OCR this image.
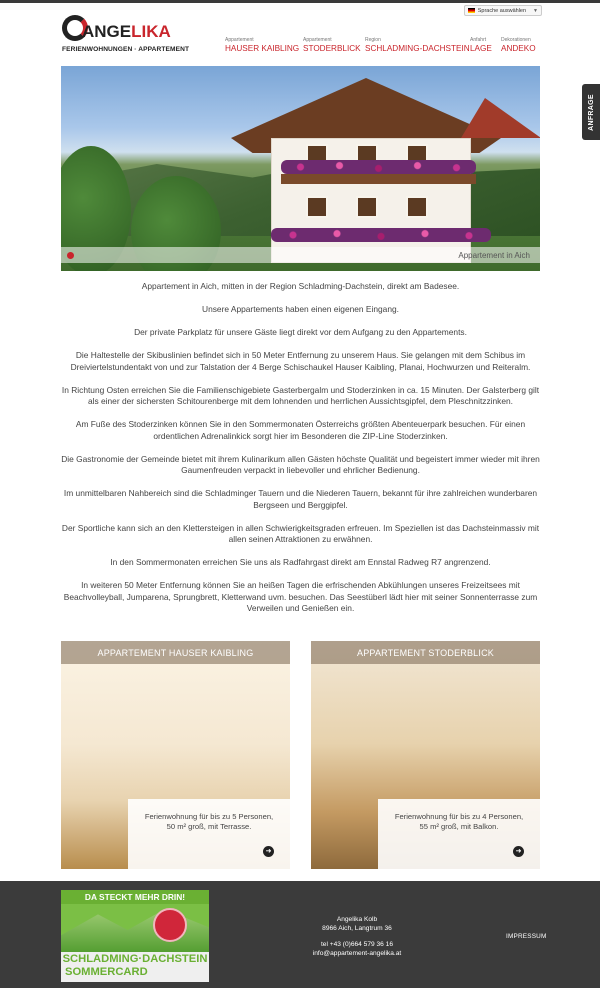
Sprache auswählen ▼
ANGELIKA
FERIENWOHNUNGEN · APPARTEMENT
Appartement
HAUSER KAIBLING
Appartement
STODERBLICK
Region
SCHLADMING-DACHSTEIN
Anfahrt
LAGE
Dekorationen
ANDEKO
Appartement in Aich
ANFRAGE

Appartement in Aich, mitten in der Region Schladming-Dachstein, direkt am Badesee.

Unsere Appartements haben einen eigenen Eingang.

Der private Parkplatz für unsere Gäste liegt direkt vor dem Aufgang zu den Appartements.

Die Haltestelle der Skibuslinien befindet sich in 50 Meter Entfernung zu unserem Haus. Sie gelangen mit dem Schibus im Dreiviertelstundentakt von und zur Talstation der 4 Berge Schischaukel Hauser Kaibling, Planai, Hochwurzen und Reiteralm.

In Richtung Osten erreichen Sie die Familienschigebiete Gasterbergalm und Stoderzinken in ca. 15 Minuten. Der Galsterberg gilt als einer der sichersten Schitourenberge mit dem lohnenden und herrlichen Aussichtsgipfel, dem Pleschnitzzinken.

Am Fuße des Stoderzinken können Sie in den Sommermonaten Österreichs größten Abenteuerpark besuchen. Für einen ordentlichen Adrenalinkick sorgt hier im Besonderen die ZIP-Line Stoderzinken.

Die Gastronomie der Gemeinde bietet mit ihrem Kulinarikum allen Gästen höchste Qualität und begeistert immer wieder mit ihren Gaumenfreuden verpackt in liebevoller und ehrlicher Bedienung.

Im unmittelbaren Nahbereich sind die Schladminger Tauern und die Niederen Tauern, bekannt für ihre zahlreichen wunderbaren Bergseen und Berggipfel.

Der Sportliche kann sich an den Klettersteigen in allen Schwierigkeitsgraden erfreuen. Im Speziellen ist das Dachsteinmassiv mit allen seinen Attraktionen zu erwähnen.

In den Sommermonaten erreichen Sie uns als Radfahrgast direkt am Ennstal Radweg R7 angrenzend.

In weiteren 50 Meter Entfernung können Sie an heißen Tagen die erfrischenden Abkühlungen unseres Freizeitsees mit Beachvolleyball, Jumparena, Sprungbrett, Kletterwand uvm. besuchen. Das Seestüberl lädt hier mit seiner Sonnenterrasse zum Verweilen und Genießen ein.

APPARTEMENT HAUSER KAIBLING
Ferienwohnung für bis zu 5 Personen,
50 m² groß, mit Terrasse.
➜
APPARTEMENT STODERBLICK
Ferienwohnung für bis zu 4 Personen,
55 m² groß, mit Balkon.
➜
DA STECKT MEHR DRIN!
SCHLADMING·DACHSTEIN
SOMMERCARD
Angelika Kolb
8966 Aich, Langtrum 36
tel +43 (0)664 579 36 16
info@appartement-angelika.at
IMPRESSUM
